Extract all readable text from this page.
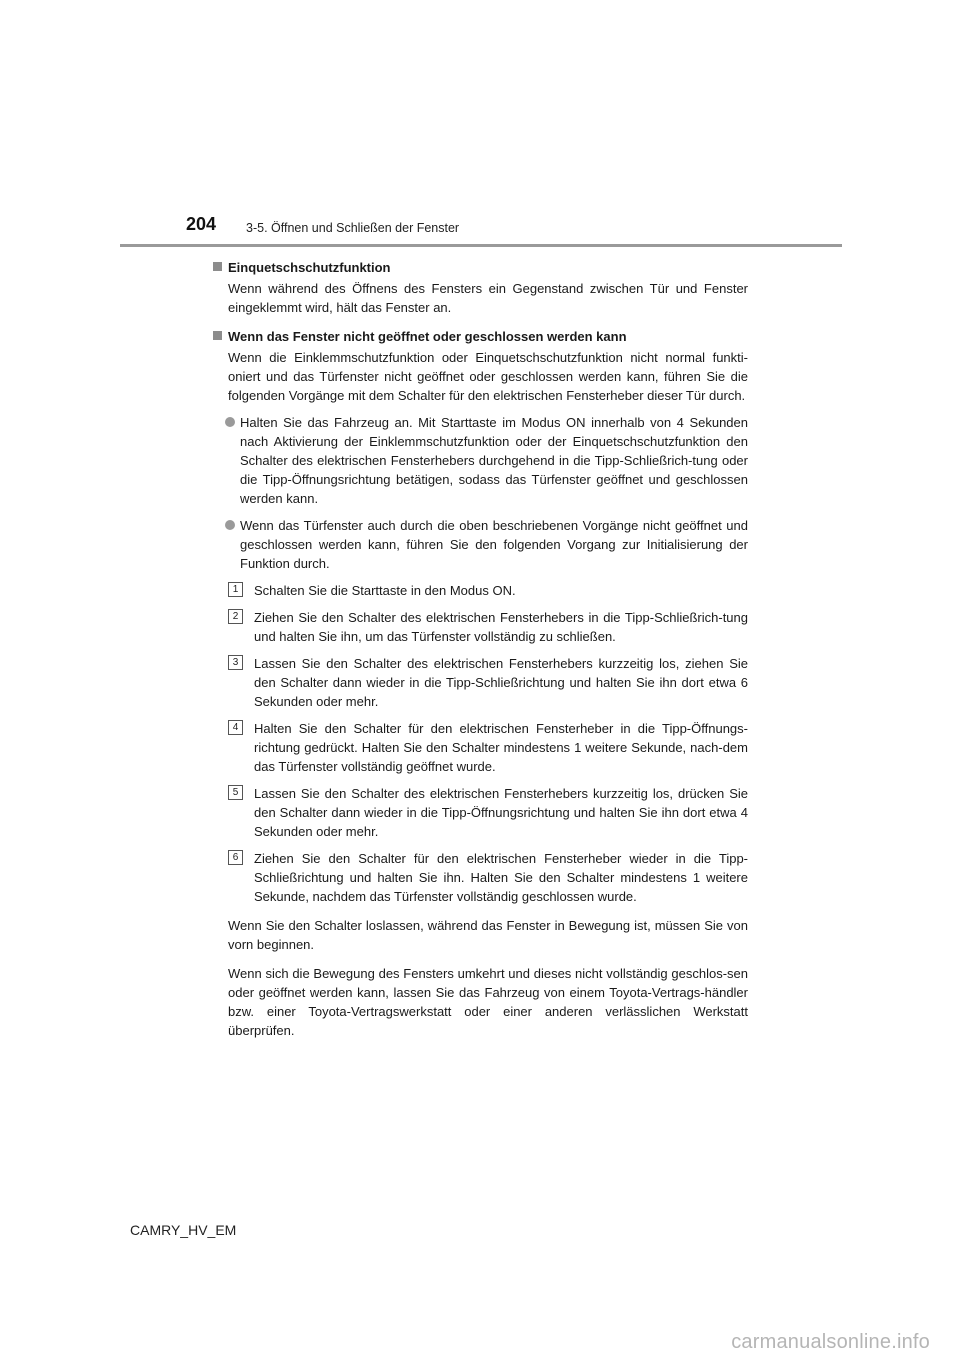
204 3-5. Öffnen und Schließen der Fenster
Einquetschschutzfunktion
Wenn während des Öffnens des Fensters ein Gegenstand zwischen Tür und Fenster eingeklemmt wird, hält das Fenster an.
Wenn das Fenster nicht geöffnet oder geschlossen werden kann
Wenn die Einklemmschutzfunktion oder Einquetschschutzfunktion nicht normal funkti-oniert und das Türfenster nicht geöffnet oder geschlossen werden kann, führen Sie die folgenden Vorgänge mit dem Schalter für den elektrischen Fensterheber dieser Tür durch.
Halten Sie das Fahrzeug an. Mit Starttaste im Modus ON innerhalb von 4 Sekunden nach Aktivierung der Einklemmschutzfunktion oder der Einquetschschutzfunktion den Schalter des elektrischen Fensterhebers durchgehend in die Tipp-Schließrich-tung oder die Tipp-Öffnungsrichtung betätigen, sodass das Türfenster geöffnet und geschlossen werden kann.
Wenn das Türfenster auch durch die oben beschriebenen Vorgänge nicht geöffnet und geschlossen werden kann, führen Sie den folgenden Vorgang zur Initialisierung der Funktion durch.
1	Schalten Sie die Starttaste in den Modus ON.
2	Ziehen Sie den Schalter des elektrischen Fensterhebers in die Tipp-Schließrich-tung und halten Sie ihn, um das Türfenster vollständig zu schließen.
3	Lassen Sie den Schalter des elektrischen Fensterhebers kurzzeitig los, ziehen Sie den Schalter dann wieder in die Tipp-Schließrichtung und halten Sie ihn dort etwa 6 Sekunden oder mehr.
4	Halten Sie den Schalter für den elektrischen Fensterheber in die Tipp-Öffnungs-richtung gedrückt. Halten Sie den Schalter mindestens 1 weitere Sekunde, nach-dem das Türfenster vollständig geöffnet wurde.
5	Lassen Sie den Schalter des elektrischen Fensterhebers kurzzeitig los, drücken Sie den Schalter dann wieder in die Tipp-Öffnungsrichtung und halten Sie ihn dort etwa 4 Sekunden oder mehr.
6	Ziehen Sie den Schalter für den elektrischen Fensterheber wieder in die Tipp-Schließrichtung und halten Sie ihn. Halten Sie den Schalter mindestens 1 weitere Sekunde, nachdem das Türfenster vollständig geschlossen wurde.
Wenn Sie den Schalter loslassen, während das Fenster in Bewegung ist, müssen Sie von vorn beginnen.
Wenn sich die Bewegung des Fensters umkehrt und dieses nicht vollständig geschlos-sen oder geöffnet werden kann, lassen Sie das Fahrzeug von einem Toyota-Vertrags-händler bzw. einer Toyota-Vertragswerkstatt oder einer anderen verlässlichen Werkstatt überprüfen.
CAMRY_HV_EM
carmanualsonline.info
